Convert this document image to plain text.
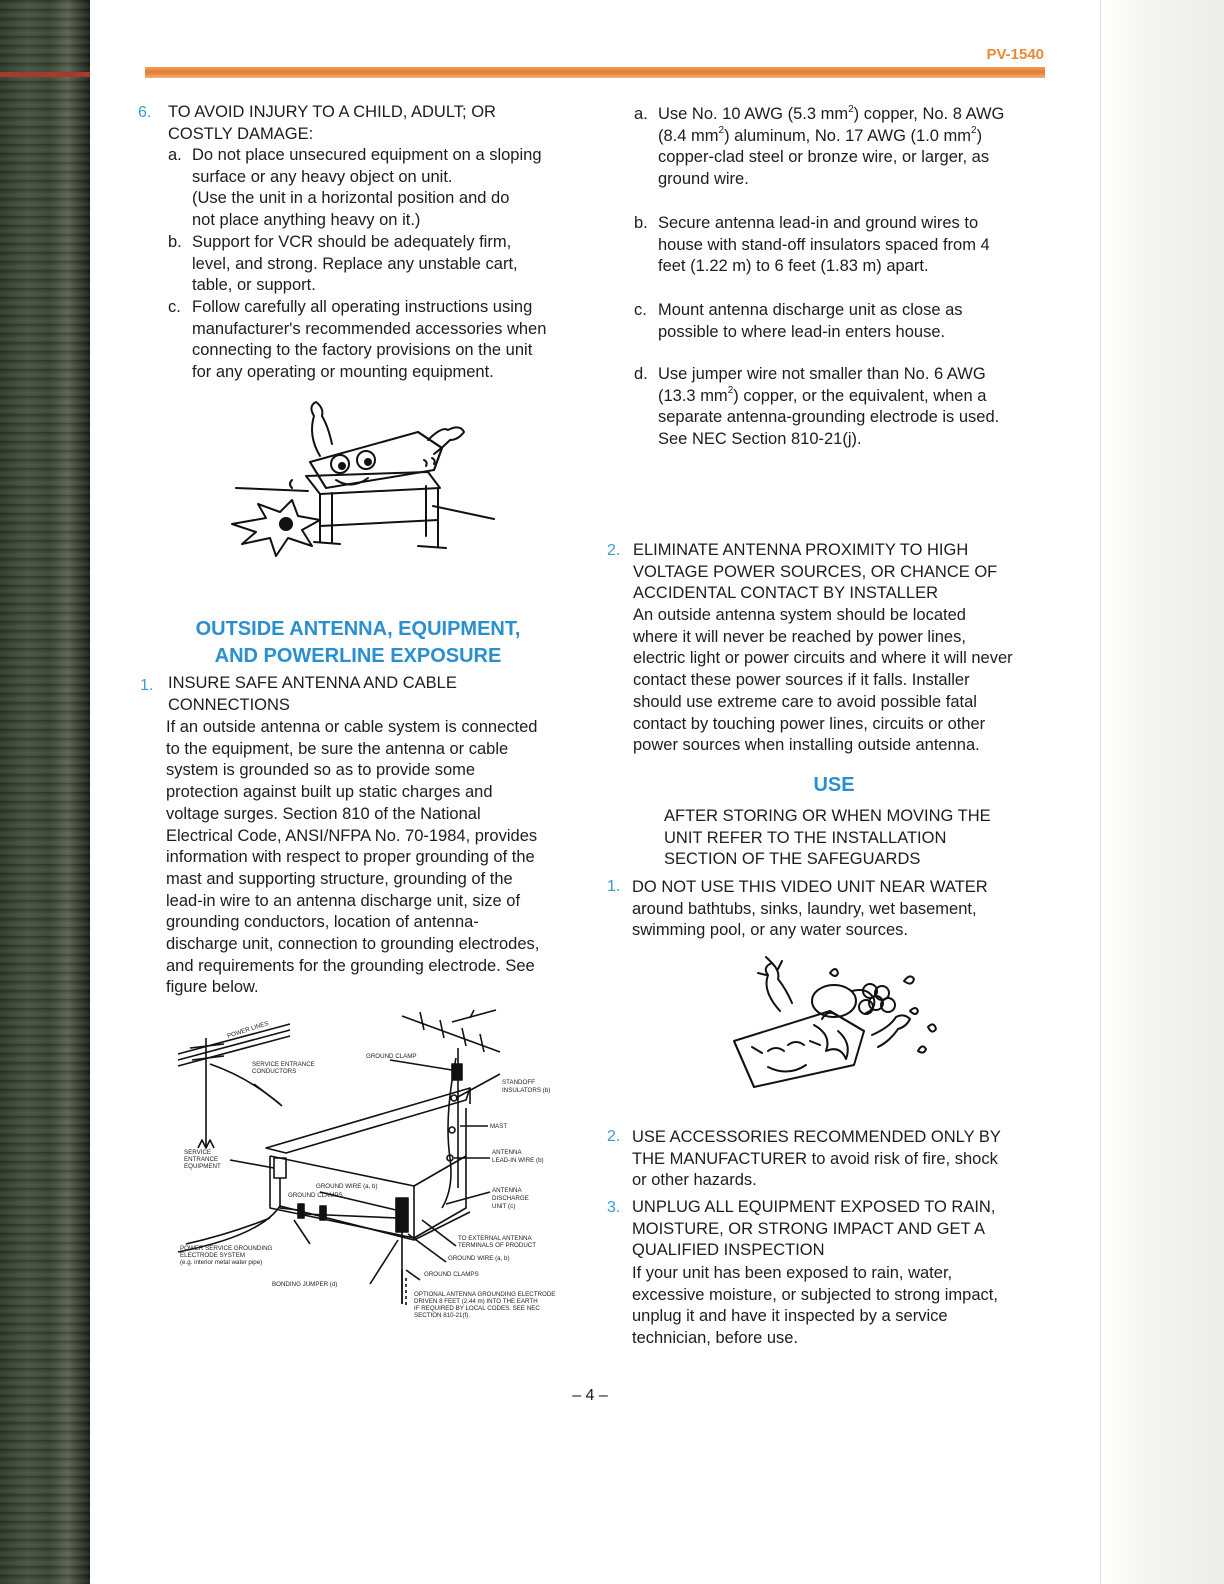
PV-1540
6. TO AVOID INJURY TO A CHILD, ADULT; OR
COSTLY DAMAGE:
a. Do not place unsecured equipment on a sloping
surface or any heavy object on unit.
(Use the unit in a horizontal position and do
not place anything heavy on it.)
b. Support for VCR should be adequately firm,
level, and strong. Replace any unstable cart,
table, or support.
c. Follow carefully all operating instructions using
manufacturer's recommended accessories when
connecting to the factory provisions on the unit
for any operating or mounting equipment.
OUTSIDE ANTENNA, EQUIPMENT,
AND POWERLINE EXPOSURE
1. INSURE SAFE ANTENNA AND CABLE
CONNECTIONS
If an outside antenna or cable system is connected
to the equipment, be sure the antenna or cable
system is grounded so as to provide some
protection against built up static charges and
voltage surges. Section 810 of the National
Electrical Code, ANSI/NFPA No. 70-1984, provides
information with respect to proper grounding of the
mast and supporting structure, grounding of the
lead-in wire to an antenna discharge unit, size of
grounding conductors, location of antenna-
discharge unit, connection to grounding electrodes,
and requirements for the grounding electrode. See
figure below.
POWER LINES
SERVICE ENTRANCE
CONDUCTORS
GROUND CLAMP
STANDOFF
INSULATORS (b)
MAST
ANTENNA
LEAD-IN WIRE (b)
SERVICE
ENTRANCE
EQUIPMENT
GROUND WIRE (a, b)
GROUND CLAMPS
ANTENNA
DISCHARGE
UNIT (c)
TO EXTERNAL ANTENNA
TERMINALS OF PRODUCT
POWER SERVICE GROUNDING
ELECTRODE SYSTEM
(e.g. interior metal water pipe)
GROUND WIRE (a, b)
BONDING JUMPER (d)
GROUND CLAMPS
OPTIONAL ANTENNA GROUNDING ELECTRODE
DRIVEN 8 FEET (2.44 m) INTO THE EARTH
IF REQUIRED BY LOCAL CODES. SEE NEC
SECTION 810-21(f).
a. Use No. 10 AWG (5.3 $mm^2$) copper, No. 8 AWG
(8.4 $mm^2$) aluminum, No. 17 AWG (1.0 $mm^2$)
copper-clad steel or bronze wire, or larger, as
ground wire.
b. Secure antenna lead-in and ground wires to
house with stand-off insulators spaced from 4
feet (1.22 m) to 6 feet (1.83 m) apart.
c. Mount antenna discharge unit as close as
possible to where lead-in enters house.
d. Use jumper wire not smaller than No. 6 AWG
(13.3 $mm^2$) copper, or the equivalent, when a
separate antenna-grounding electrode is used.
See NEC Section 810-21(j).
2. ELIMINATE ANTENNA PROXIMITY TO HIGH
VOLTAGE POWER SOURCES, OR CHANCE OF
ACCIDENTAL CONTACT BY INSTALLER
An outside antenna system should be located
where it will never be reached by power lines,
electric light or power circuits and where it will never
contact these power sources if it falls. Installer
should use extreme care to avoid possible fatal
contact by touching power lines, circuits or other
power sources when installing outside antenna.
USE
AFTER STORING OR WHEN MOVING THE
UNIT REFER TO THE INSTALLATION
SECTION OF THE SAFEGUARDS
1. DO NOT USE THIS VIDEO UNIT NEAR WATER
around bathtubs, sinks, laundry, wet basement,
swimming pool, or any water sources.
2. USE ACCESSORIES RECOMMENDED ONLY BY
THE MANUFACTURER to avoid risk of fire, shock
or other hazards.
3. UNPLUG ALL EQUIPMENT EXPOSED TO RAIN,
MOISTURE, OR STRONG IMPACT AND GET A
QUALIFIED INSPECTION
If your unit has been exposed to rain, water,
excessive moisture, or subjected to strong impact,
unplug it and have it inspected by a service
technician, before use.
– 4 –
